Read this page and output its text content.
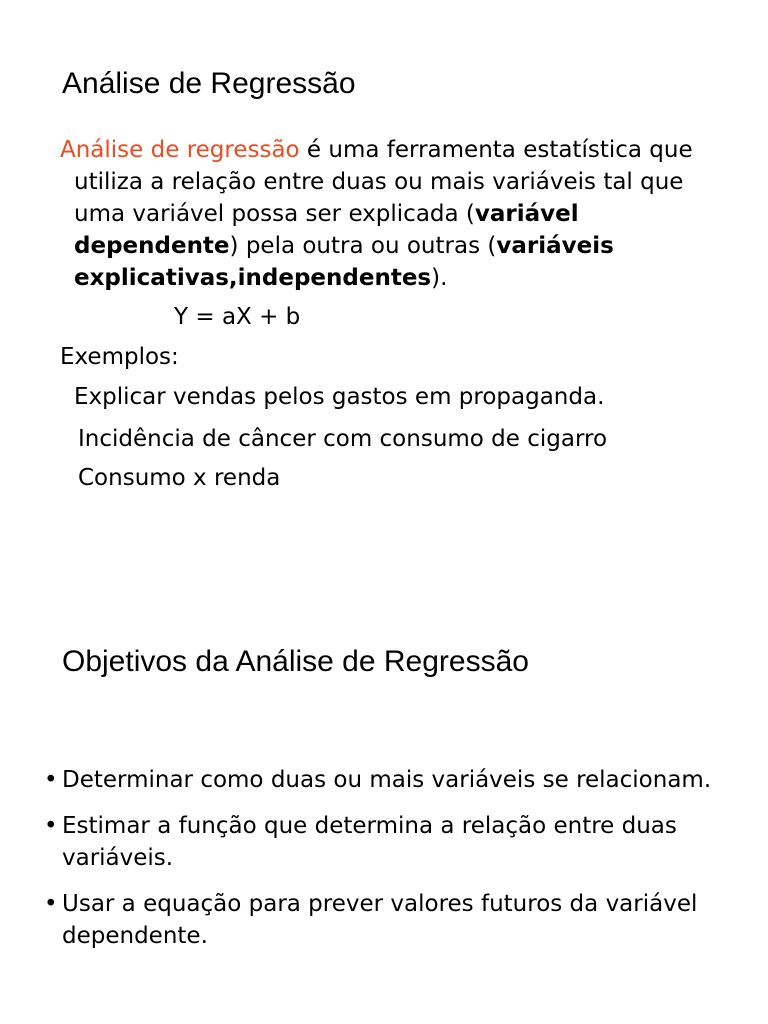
Análise de Regressão
Análise de regressão é uma ferramenta estatística que
utiliza a relação entre duas ou mais variáveis tal que
uma variável possa ser explicada (variável
dependente) pela outra ou outras (variáveis
explicativas,independentes).
Y = aX + b
Exemplos:
Explicar vendas pelos gastos em propaganda.
Incidência de câncer com consumo de cigarro
Consumo x renda
Objetivos da Análise de Regressão
• Determinar como duas ou mais variáveis se relacionam.
• Estimar a função que determina a relação entre duas variáveis.
• Usar a equação para prever valores futuros da variável dependente.
